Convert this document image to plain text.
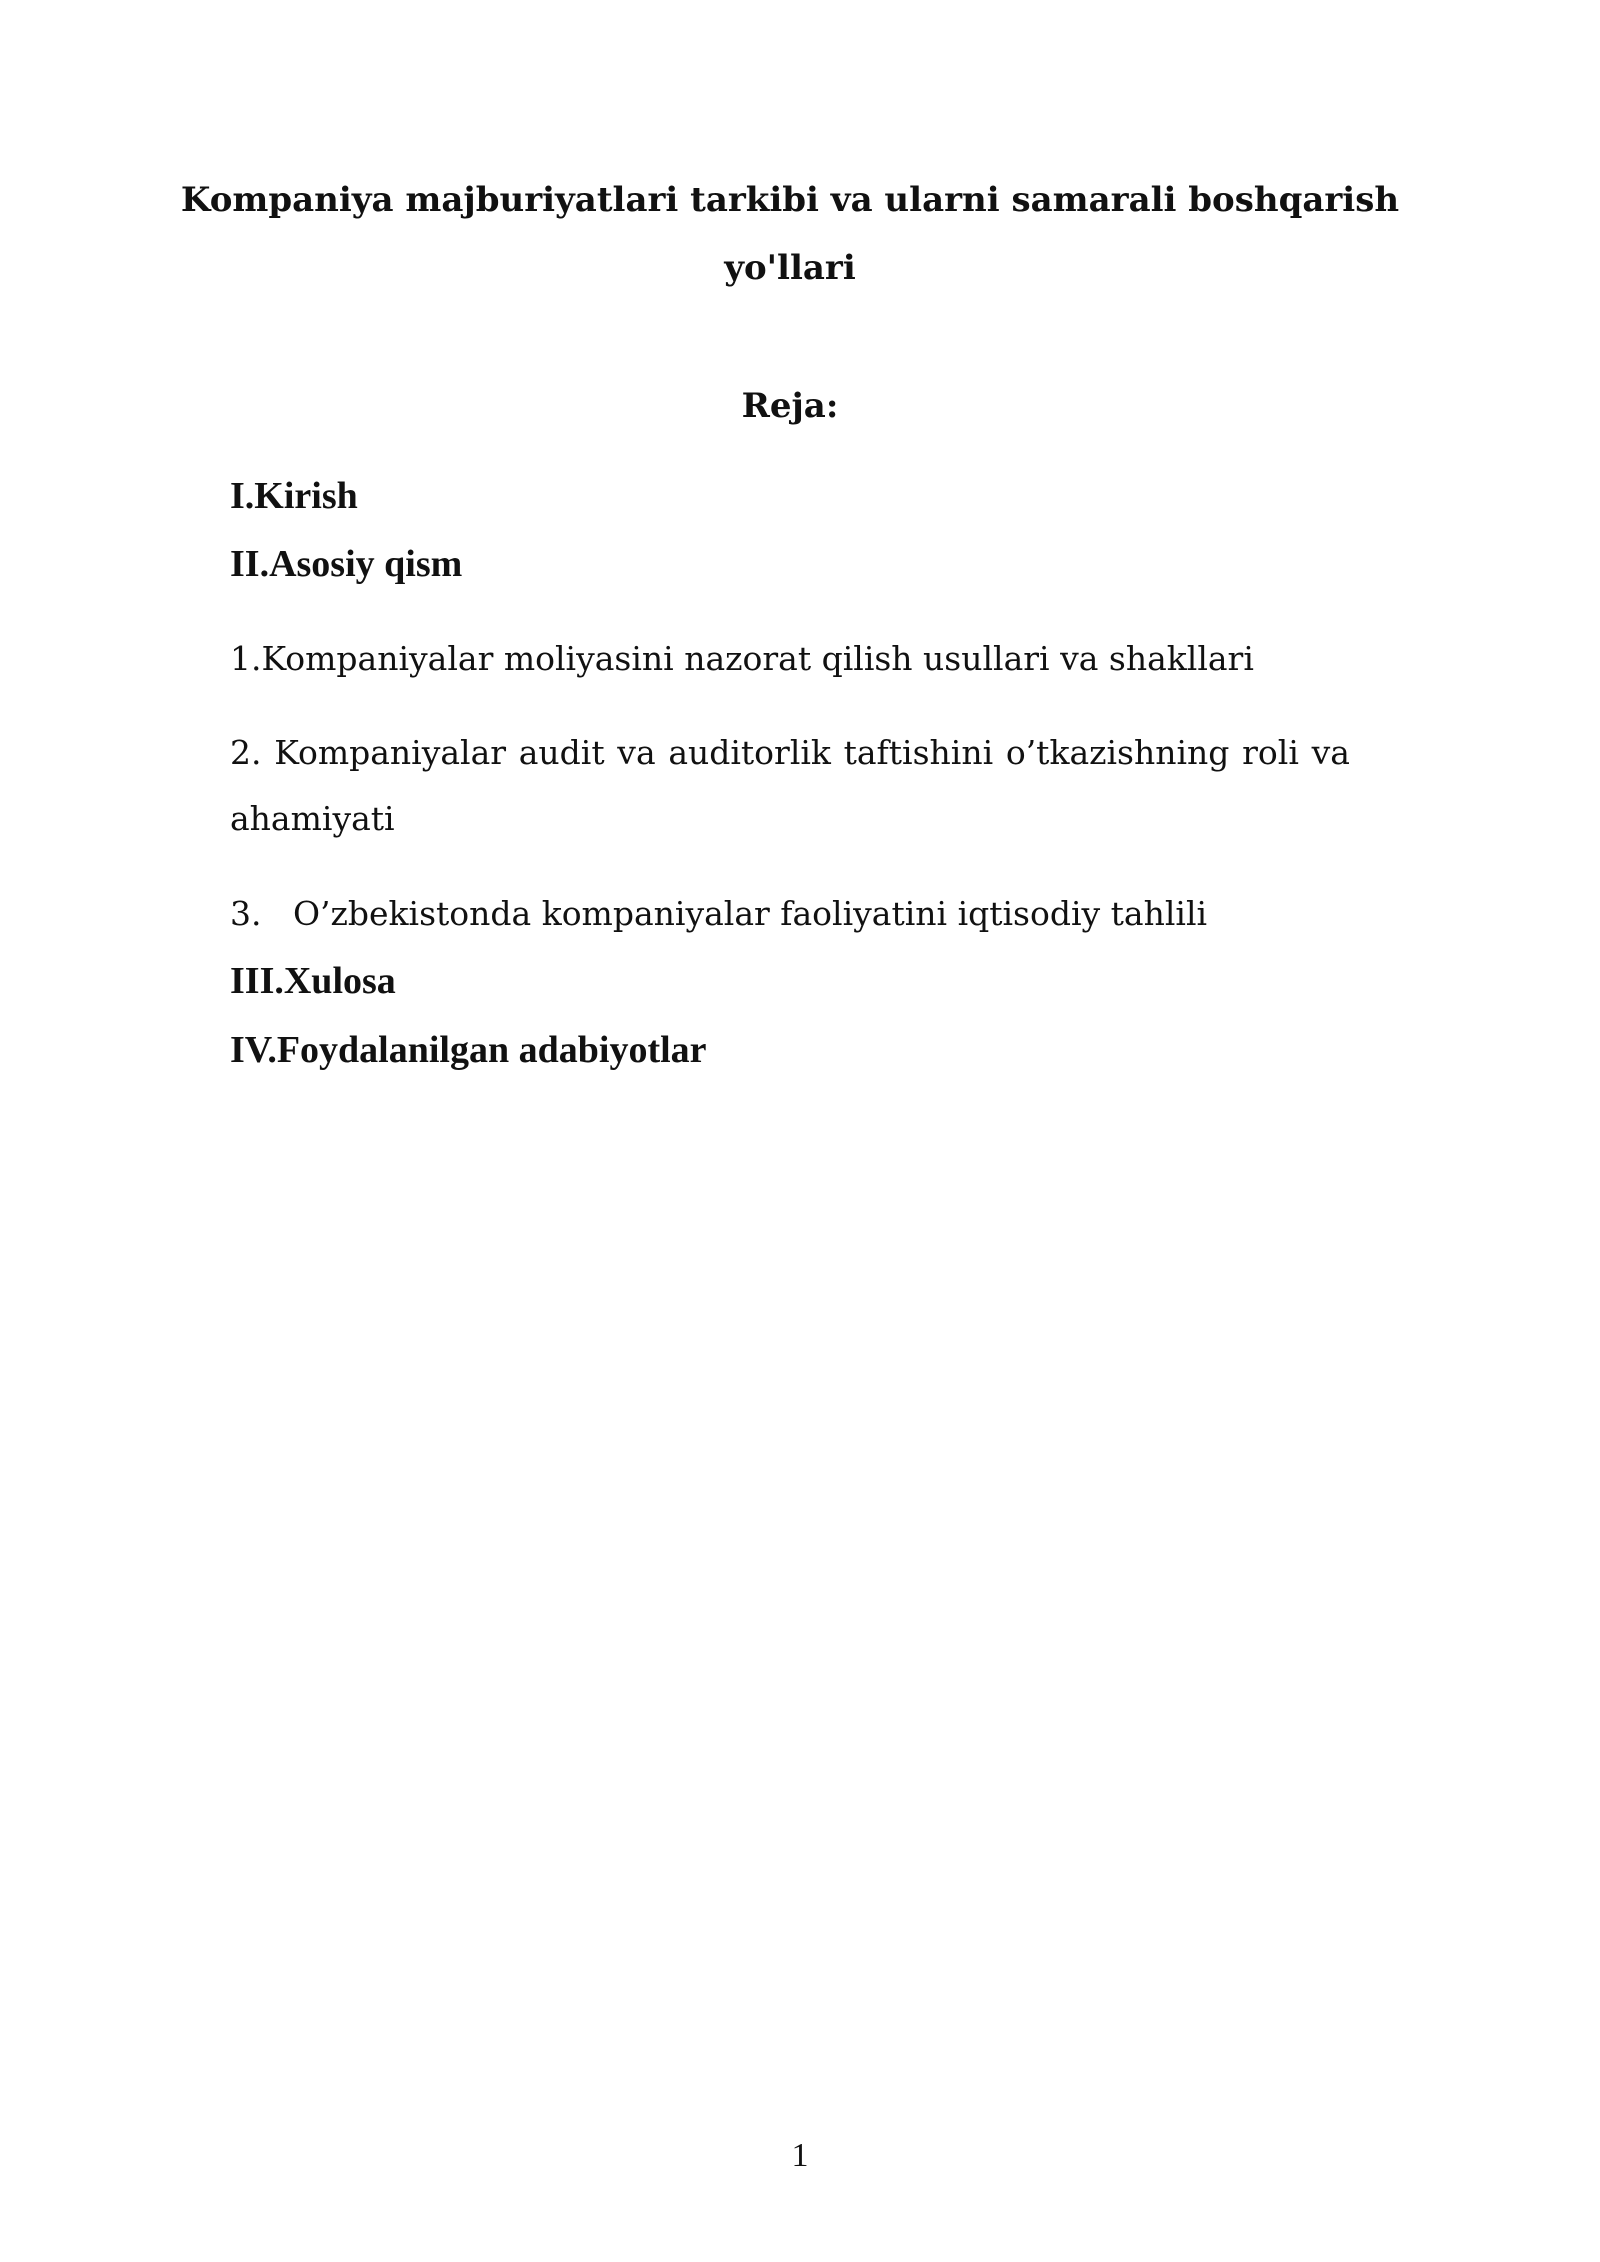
Kompaniya majburiyatlari tarkibi va ularni samarali boshqarish
yo'llari
Reja:
I.Kirish
II.Asosiy qism
1.Kompaniyalar moliyasini nazorat qilish usullari va shakllari
2. Kompaniyalar audit va auditorlik taftishini o’tkazishning roli va
ahamiyati
3.   O’zbekistonda kompaniyalar faoliyatini iqtisodiy tahlili
III.Xulosa
IV.Foydalanilgan adabiyotlar
1
